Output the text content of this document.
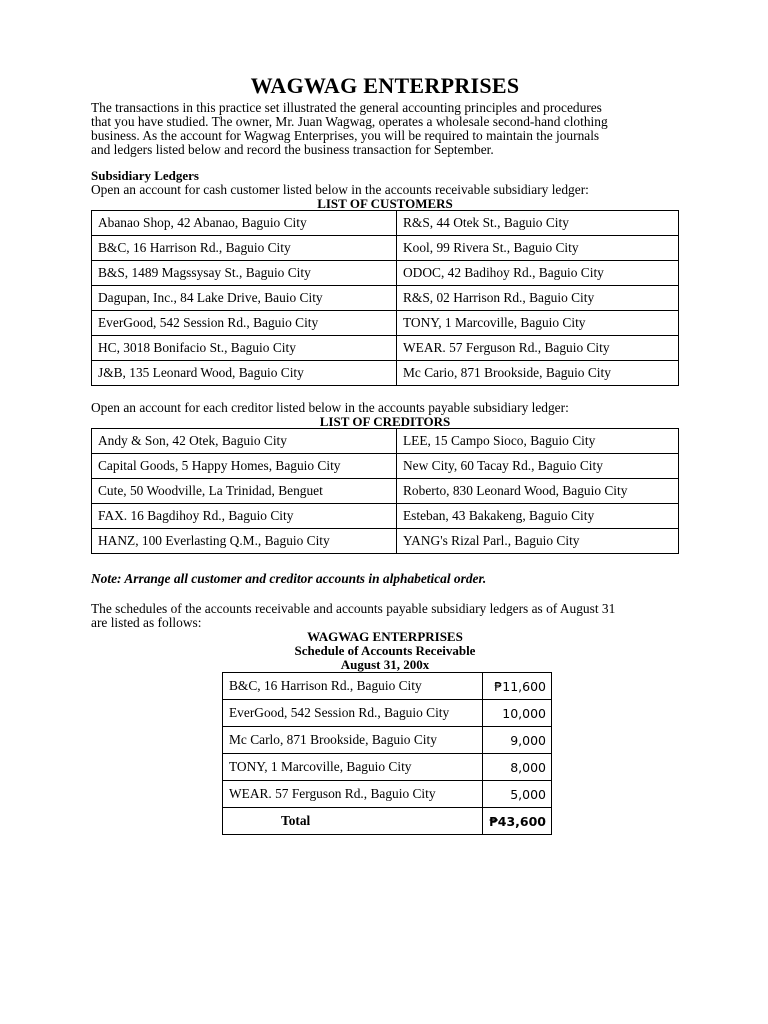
WAGWAG ENTERPRISES
The transactions in this practice set illustrated the general accounting principles and procedures
that you have studied. The owner, Mr. Juan Wagwag, operates a wholesale second-hand clothing
business. As the account for Wagwag Enterprises, you will be required to maintain the journals
and ledgers listed below and record the business transaction for September.
Subsidiary Ledgers
Open an account for cash customer listed below in the accounts receivable subsidiary ledger:
LIST OF CUSTOMERS
Abanao Shop, 42 Abanao, Baguio City	R&S, 44 Otek St., Baguio City
B&C, 16 Harrison Rd., Baguio City	Kool, 99 Rivera St., Baguio City
B&S, 1489 Magssysay St., Baguio City	ODOC, 42 Badihoy Rd., Baguio City
Dagupan, Inc., 84 Lake Drive, Bauio City	R&S, 02 Harrison Rd., Baguio City
EverGood, 542 Session Rd., Baguio City	TONY, 1 Marcoville, Baguio City
HC, 3018 Bonifacio St., Baguio City	WEAR. 57 Ferguson Rd., Baguio City
J&B, 135 Leonard Wood, Baguio City	Mc Cario, 871 Brookside, Baguio City
Open an account for each creditor listed below in the accounts payable subsidiary ledger:
LIST OF CREDITORS
Andy & Son, 42 Otek, Baguio City	LEE, 15 Campo Sioco, Baguio City
Capital Goods, 5 Happy Homes, Baguio City	New City, 60 Tacay Rd., Baguio City
Cute, 50 Woodville, La Trinidad, Benguet	Roberto, 830 Leonard Wood, Baguio City
FAX. 16 Bagdihoy Rd., Baguio City	Esteban, 43 Bakakeng, Baguio City
HANZ, 100 Everlasting Q.M., Baguio City	YANG's Rizal Parl., Baguio City
Note: Arrange all customer and creditor accounts in alphabetical order.
The schedules of the accounts receivable and accounts payable subsidiary ledgers as of August 31
are listed as follows:
WAGWAG ENTERPRISES
Schedule of Accounts Receivable
August 31, 200x
B&C, 16 Harrison Rd., Baguio City	₱11,600
EverGood, 542 Session Rd., Baguio City	10,000
Mc Carlo, 871 Brookside, Baguio City	9,000
TONY, 1 Marcoville, Baguio City	8,000
WEAR. 57 Ferguson Rd., Baguio City	5,000
Total	₱43,600
